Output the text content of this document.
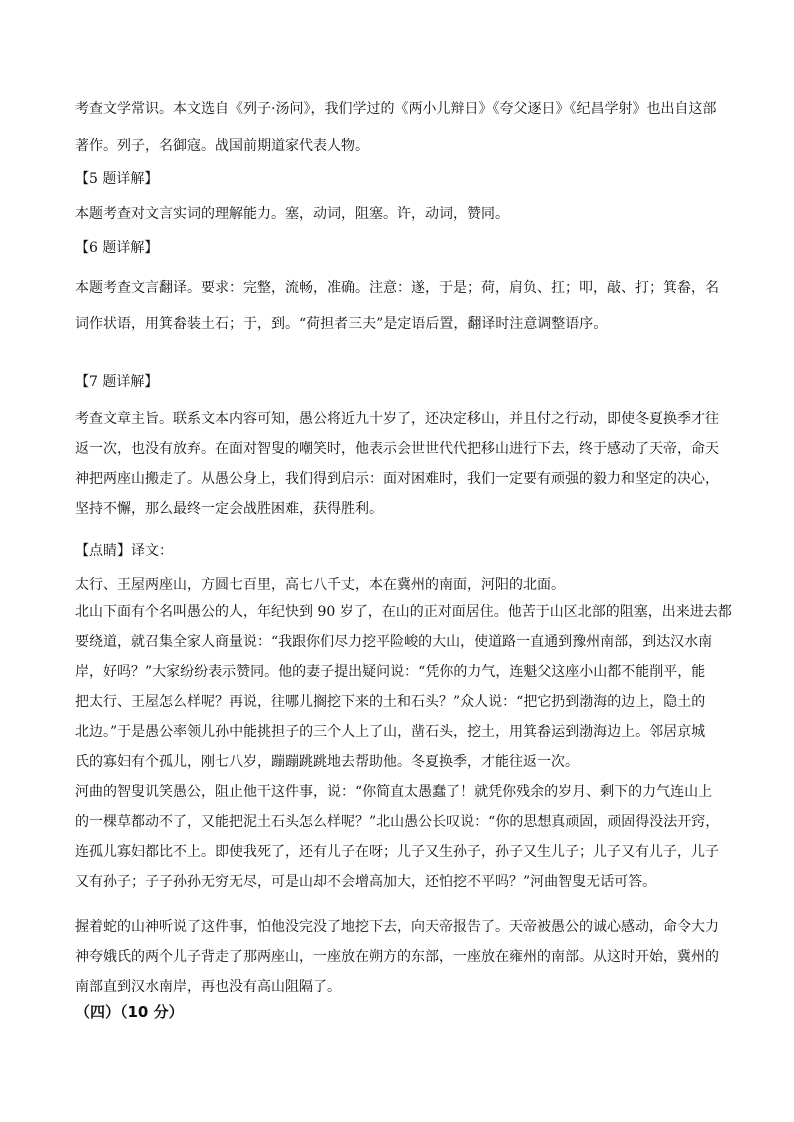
考查文学常识。本文选自《列子·汤问》，我们学过的《两小儿辩日》《夸父逐日》《纪昌学射》也出自这部
著作。列子，名御寇。战国前期道家代表人物。

【5 题详解】

本题考查对文言实词的理解能力。塞，动词，阻塞。许，动词，赞同。

【6 题详解】

本题考查文言翻译。要求：完整，流畅，准确。注意：遂，于是；荷，肩负、扛；叩，敲、打；箕畚，名
词作状语，用箕畚装土石；于，到。“荷担者三夫”是定语后置，翻译时注意调整语序。

【7 题详解】

考查文章主旨。联系文本内容可知，愚公将近九十岁了，还决定移山，并且付之行动，即使冬夏换季才往
返一次，也没有放弃。在面对智叟的嘲笑时，他表示会世世代代把移山进行下去，终于感动了天帝，命天
神把两座山搬走了。从愚公身上，我们得到启示：面对困难时，我们一定要有顽强的毅力和坚定的决心，
坚持不懈，那么最终一定会战胜困难，获得胜利。

【点睛】译文：

太行、王屋两座山，方圆七百里，高七八千丈，本在冀州的南面，河阳的北面。

北山下面有个名叫愚公的人，年纪快到 90 岁了，在山的正对面居住。他苦于山区北部的阻塞，出来进去都
要绕道，就召集全家人商量说：“我跟你们尽力挖平险峻的大山，使道路一直通到豫州南部，到达汉水南
岸，好吗？”大家纷纷表示赞同。他的妻子提出疑问说：“凭你的力气，连魁父这座小山都不能削平，能
把太行、王屋怎么样呢？再说，往哪儿搁挖下来的土和石头？”众人说：“把它扔到渤海的边上，隐土的
北边。”于是愚公率领儿孙中能挑担子的三个人上了山，凿石头，挖土，用箕畚运到渤海边上。邻居京城
氏的寡妇有个孤儿，刚七八岁，蹦蹦跳跳地去帮助他。冬夏换季，才能往返一次。

河曲的智叟讥笑愚公，阻止他干这件事，说：“你简直太愚蠢了！就凭你残余的岁月、剩下的力气连山上
的一棵草都动不了，又能把泥土石头怎么样呢？”北山愚公长叹说：“你的思想真顽固，顽固得没法开窍，
连孤儿寡妇都比不上。即使我死了，还有儿子在呀；儿子又生孙子，孙子又生儿子；儿子又有儿子，儿子
又有孙子；子子孙孙无穷无尽，可是山却不会增高加大，还怕挖不平吗？”河曲智叟无话可答。

握着蛇的山神听说了这件事，怕他没完没了地挖下去，向天帝报告了。天帝被愚公的诚心感动，命令大力
神夸娥氏的两个儿子背走了那两座山，一座放在朔方的东部，一座放在雍州的南部。从这时开始，冀州的
南部直到汉水南岸，再也没有高山阻隔了。

（四）（10 分）
